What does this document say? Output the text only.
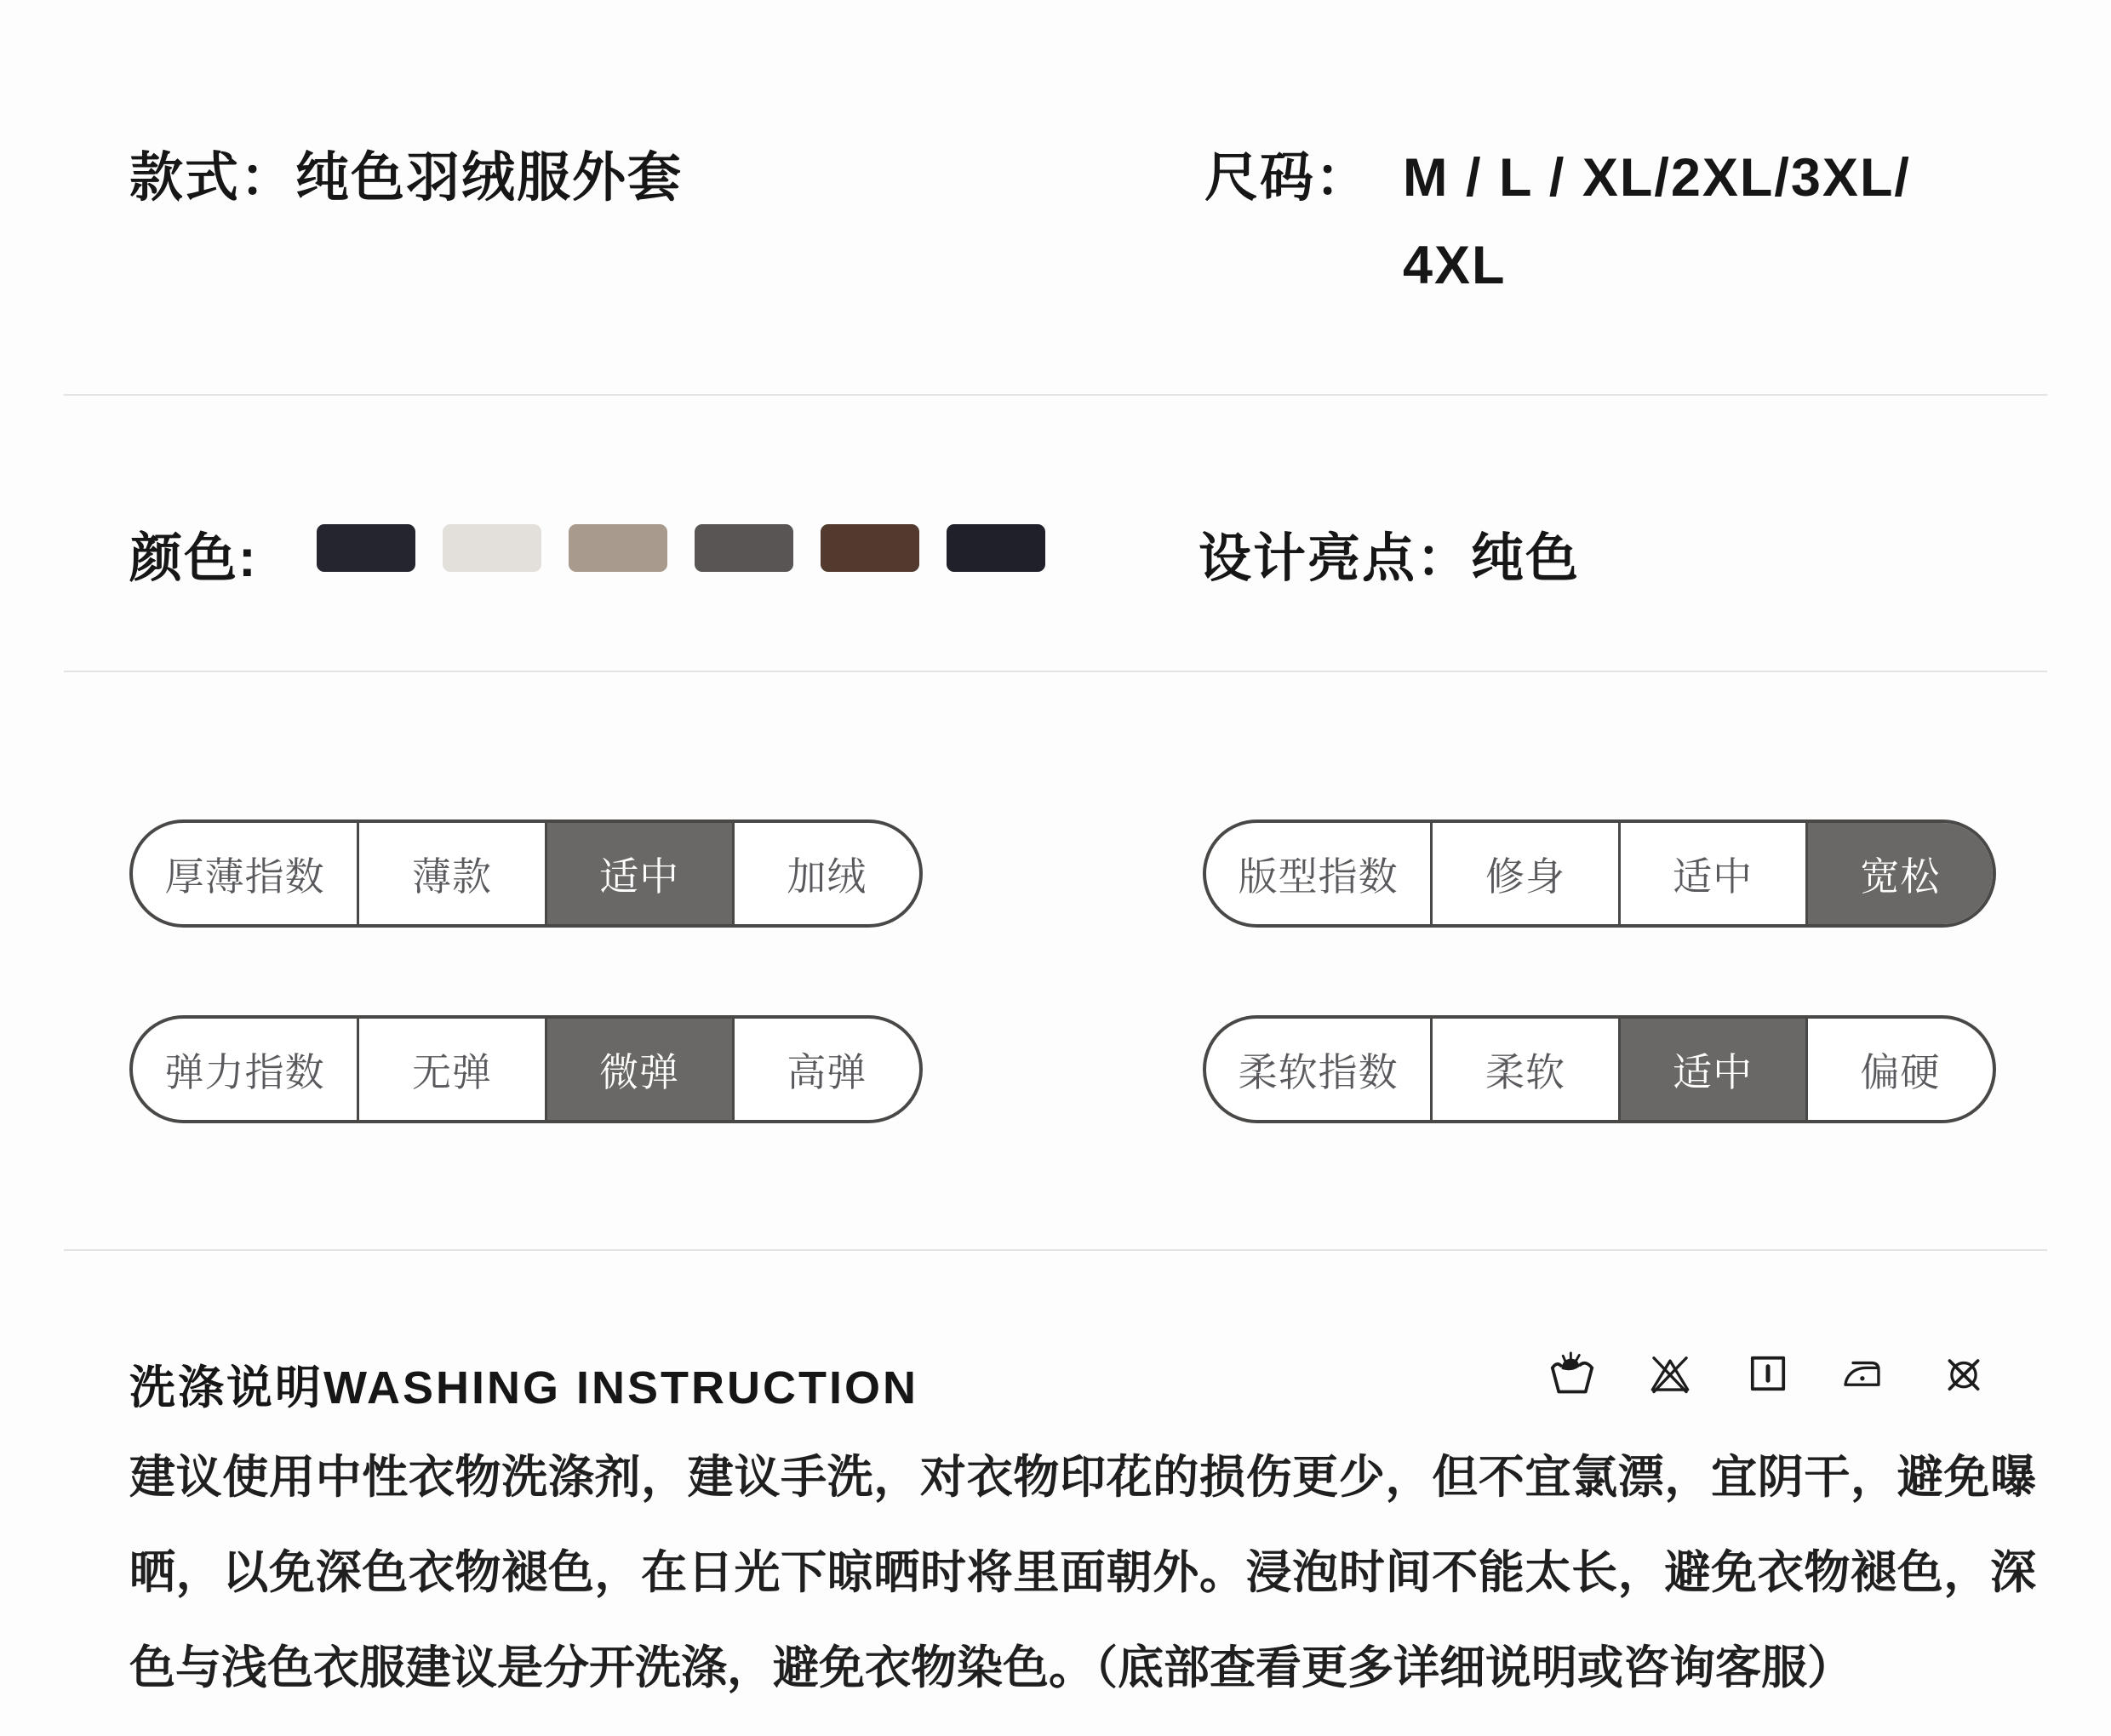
款式：纯色羽绒服外套	尺码： M / L / XL/2XL/3XL/
4XL
颜色:	设计亮点：纯色
厚薄指数	薄款	适中	加绒	版型指数	修身	适中	宽松
弹力指数	无弹	微弹	高弹	柔软指数	柔软	适中	偏硬
洗涤说明WASHING INSTRUCTION
建议使用中性衣物洗涤剂，建议手洗，对衣物印花的损伤更少，但不宜氯漂，宜阴干，避免曝晒，以免深色衣物褪色，在日光下晾晒时将里面朝外。浸泡时间不能太长，避免衣物褪色，深色与浅色衣服建议是分开洗涤，避免衣物染色。（底部查看更多详细说明或咨询客服）
